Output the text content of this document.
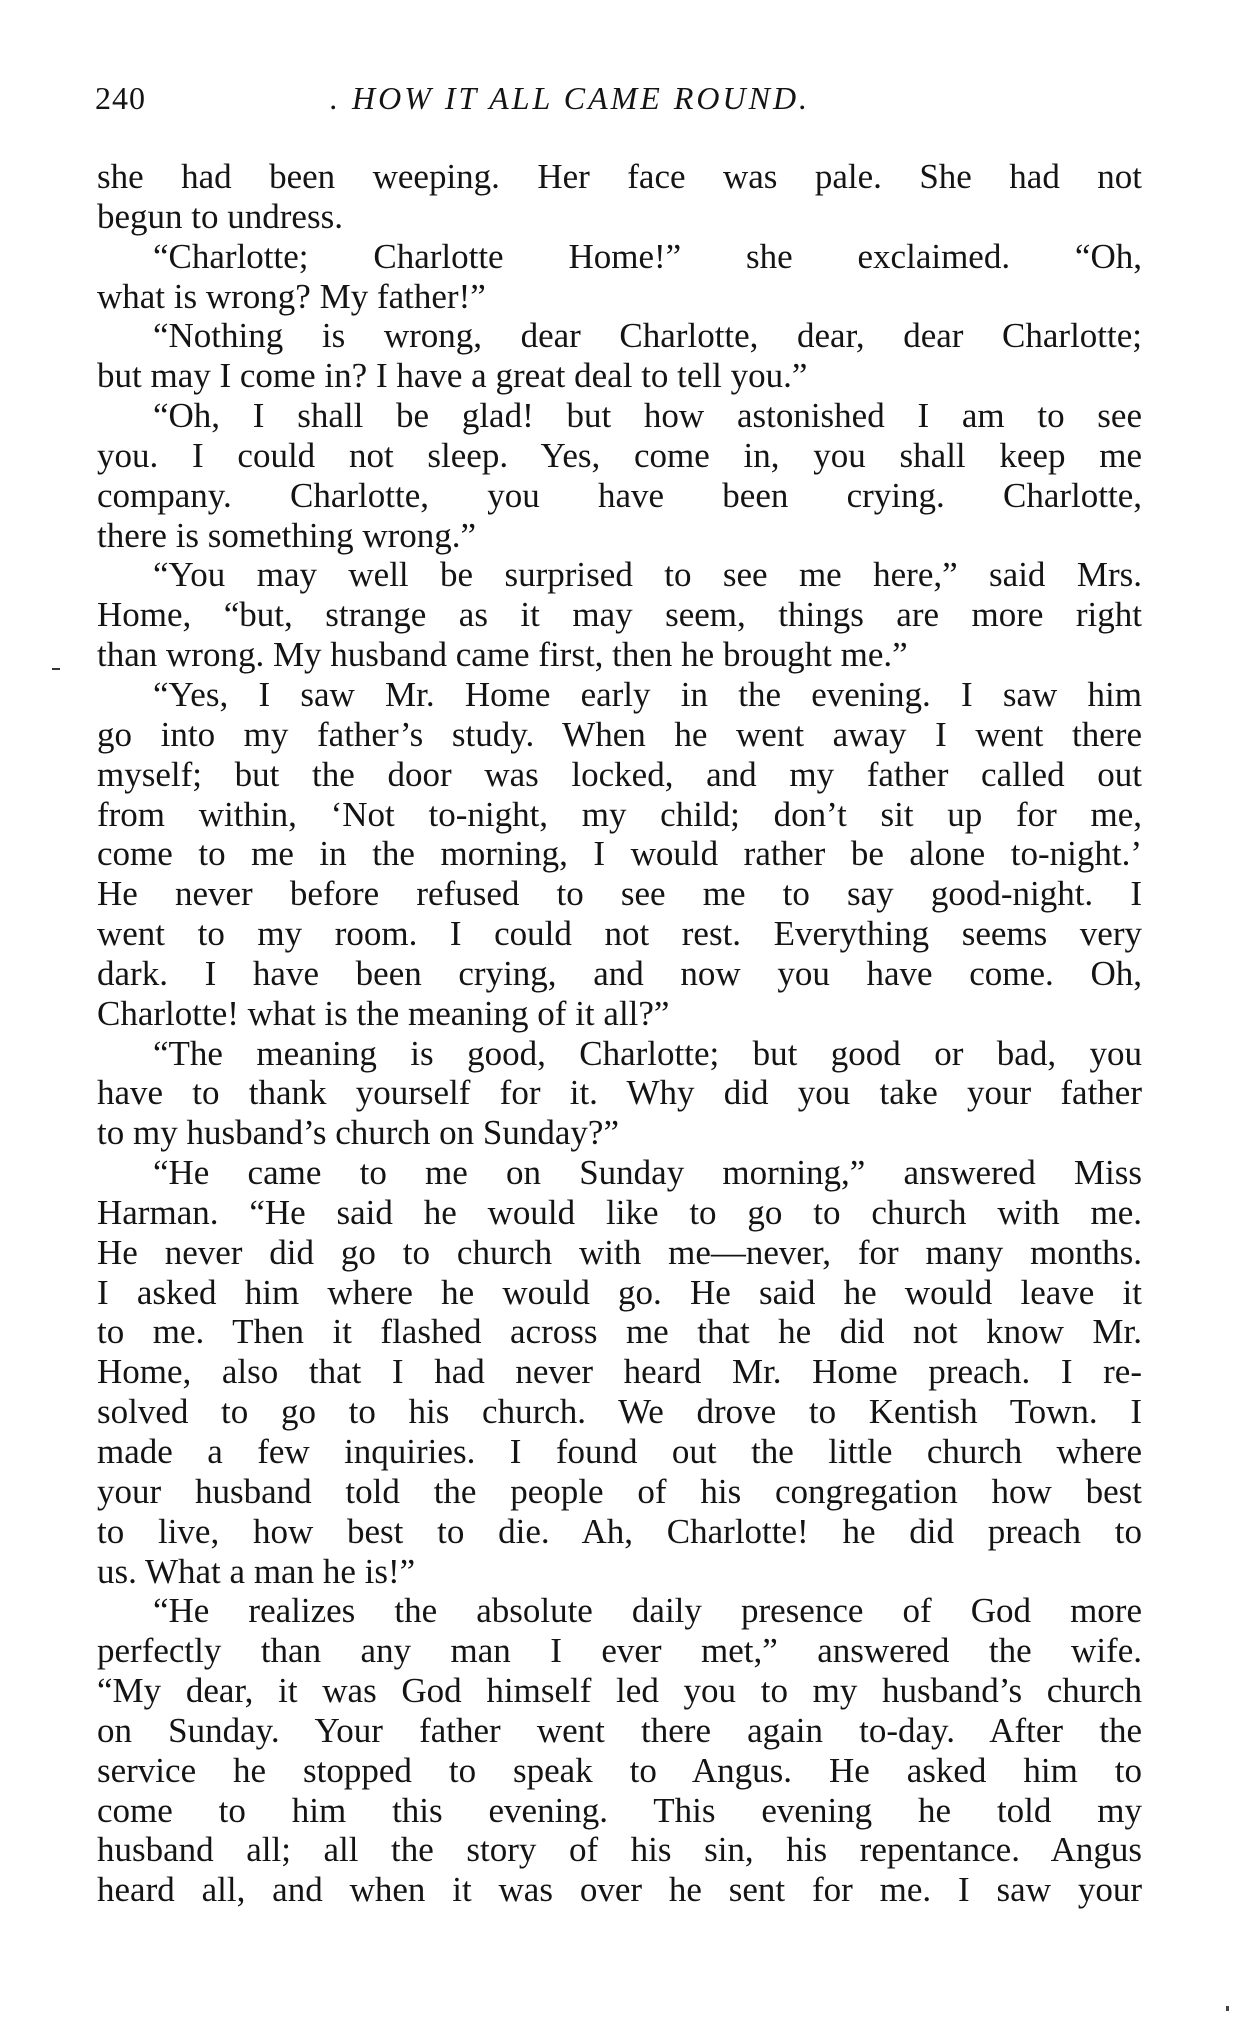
240	. HOW IT ALL CAME ROUND.
she had been weeping. Her face was pale. She had not
begun to undress.
“Charlotte; Charlotte Home!” she exclaimed. “Oh,
what is wrong? My father!”
“Nothing is wrong, dear Charlotte, dear, dear Charlotte;
but may I come in? I have a great deal to tell you.”
“Oh, I shall be glad! but how astonished I am to see
you. I could not sleep. Yes, come in, you shall keep me
company. Charlotte, you have been crying. Charlotte,
there is something wrong.”
“You may well be surprised to see me here,” said Mrs.
Home, “but, strange as it may seem, things are more right
than wrong. My husband came first, then he brought me.”
“Yes, I saw Mr. Home early in the evening. I saw him
go into my father’s study. When he went away I went there
myself; but the door was locked, and my father called out
from within, ‘Not to-night, my child; don’t sit up for me,
come to me in the morning, I would rather be alone to-night.’
He never before refused to see me to say good-night. I
went to my room. I could not rest. Everything seems very
dark. I have been crying, and now you have come. Oh,
Charlotte! what is the meaning of it all?”
“The meaning is good, Charlotte; but good or bad, you
have to thank yourself for it. Why did you take your father
to my husband’s church on Sunday?”
“He came to me on Sunday morning,” answered Miss
Harman. “He said he would like to go to church with me.
He never did go to church with me—never, for many months.
I asked him where he would go. He said he would leave it
to me. Then it flashed across me that he did not know Mr.
Home, also that I had never heard Mr. Home preach. I re-
solved to go to his church. We drove to Kentish Town. I
made a few inquiries. I found out the little church where
your husband told the people of his congregation how best
to live, how best to die. Ah, Charlotte! he did preach to
us. What a man he is!”
“He realizes the absolute daily presence of God more
perfectly than any man I ever met,” answered the wife.
“My dear, it was God himself led you to my husband’s church
on Sunday. Your father went there again to-day. After the
service he stopped to speak to Angus. He asked him to
come to him this evening. This evening he told my
husband all; all the story of his sin, his repentance. Angus
heard all, and when it was over he sent for me. I saw your
